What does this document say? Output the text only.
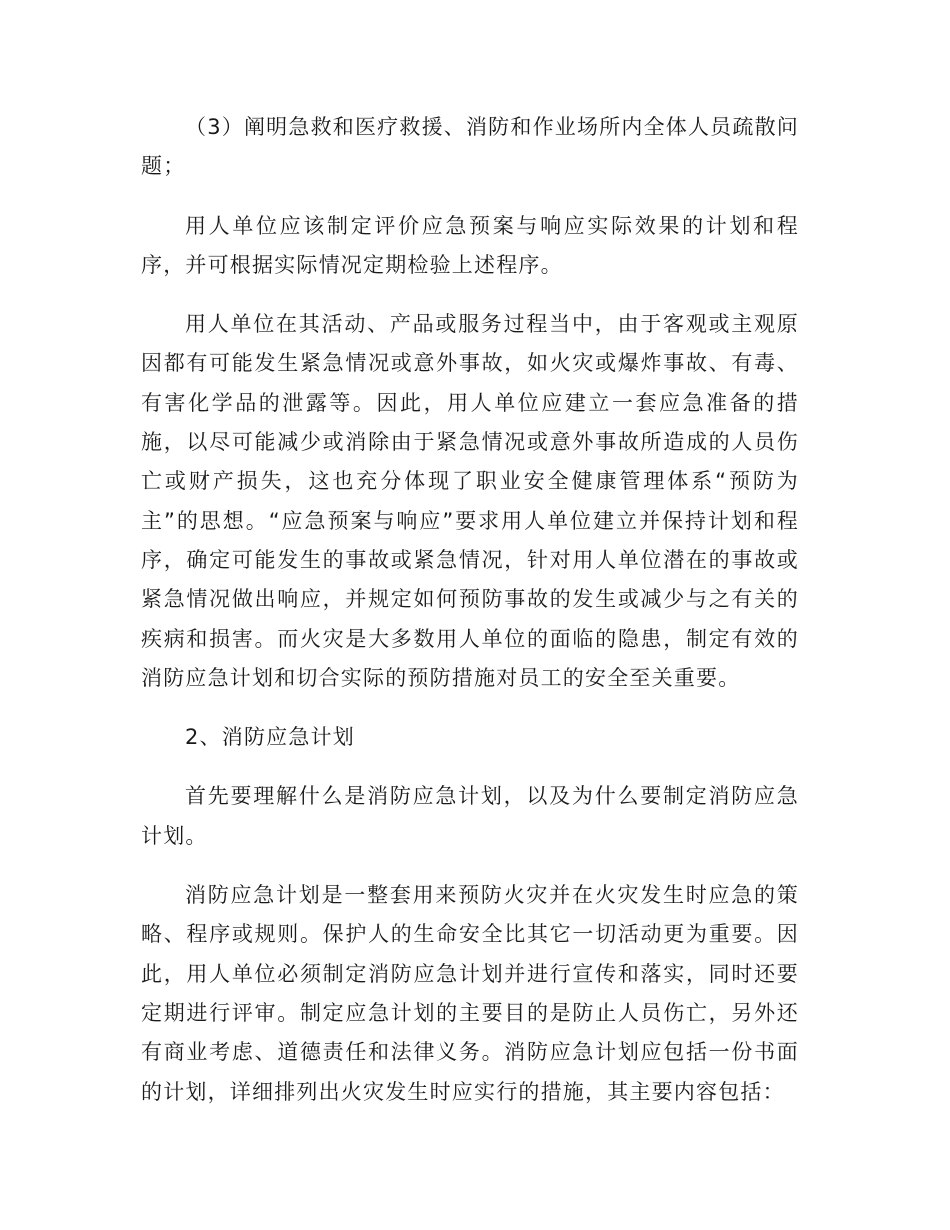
（3）阐明急救和医疗救援、消防和作业场所内全体人员疏散问题；

用人单位应该制定评价应急预案与响应实际效果的计划和程序，并可根据实际情况定期检验上述程序。

用人单位在其活动、产品或服务过程当中，由于客观或主观原因都有可能发生紧急情况或意外事故，如火灾或爆炸事故、有毒、有害化学品的泄露等。因此，用人单位应建立一套应急准备的措施，以尽可能减少或消除由于紧急情况或意外事故所造成的人员伤亡或财产损失，这也充分体现了职业安全健康管理体系“预防为主”的思想。“应急预案与响应”要求用人单位建立并保持计划和程序，确定可能发生的事故或紧急情况，针对用人单位潜在的事故或紧急情况做出响应，并规定如何预防事故的发生或减少与之有关的疾病和损害。而火灾是大多数用人单位的面临的隐患，制定有效的消防应急计划和切合实际的预防措施对员工的安全至关重要。

2、消防应急计划

首先要理解什么是消防应急计划，以及为什么要制定消防应急计划。

消防应急计划是一整套用来预防火灾并在火灾发生时应急的策略、程序或规则。保护人的生命安全比其它一切活动更为重要。因此，用人单位必须制定消防应急计划并进行宣传和落实，同时还要定期进行评审。制定应急计划的主要目的是防止人员伤亡，另外还有商业考虑、道德责任和法律义务。消防应急计划应包括一份书面的计划，详细排列出火灾发生时应实行的措施，其主要内容包括：
